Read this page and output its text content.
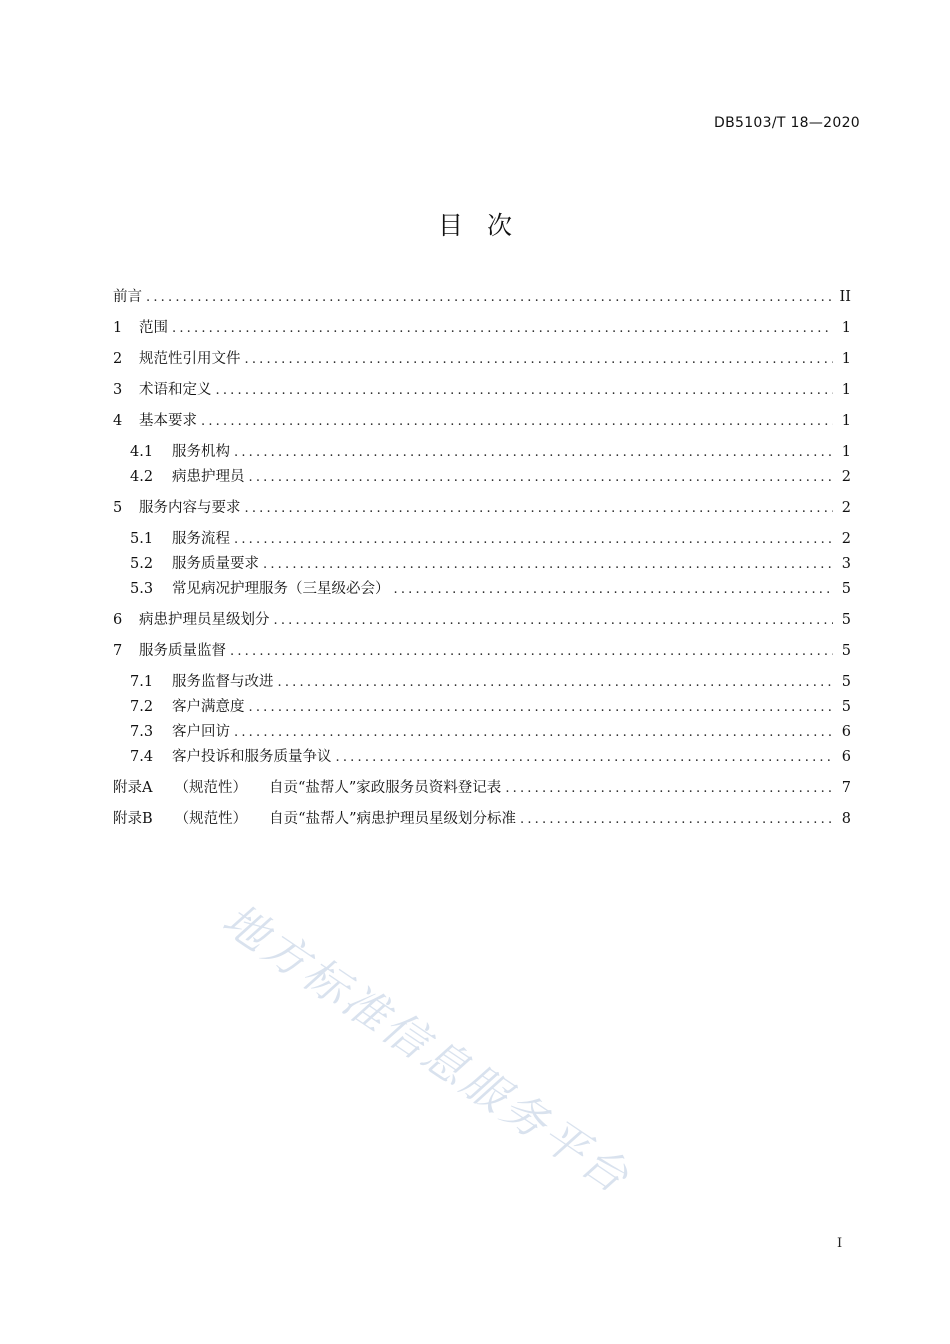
DB5103/T 18—2020
目次
前言 .....	II
1	范围 .....	1
2	规范性引用文件 .....	1
3	术语和定义 .....	1
4	基本要求 .....	1
4.1	服务机构 .....	1
4.2	病患护理员 .....	2
5	服务内容与要求 .....	2
5.1	服务流程 .....	2
5.2	服务质量要求 .....	3
5.3	常见病况护理服务（三星级必会） .....	5
6	病患护理员星级划分 .....	5
7	服务质量监督 .....	5
7.1	服务监督与改进 .....	5
7.2	客户满意度 .....	5
7.3	客户回访 .....	6
7.4	客户投诉和服务质量争议 .....	6
附录A （规范性） 自贡“盐帮人”家政服务员资料登记表 .....	7
附录B （规范性） 自贡“盐帮人”病患护理员星级划分标准 .....	8
地方标准信息服务平台
I
